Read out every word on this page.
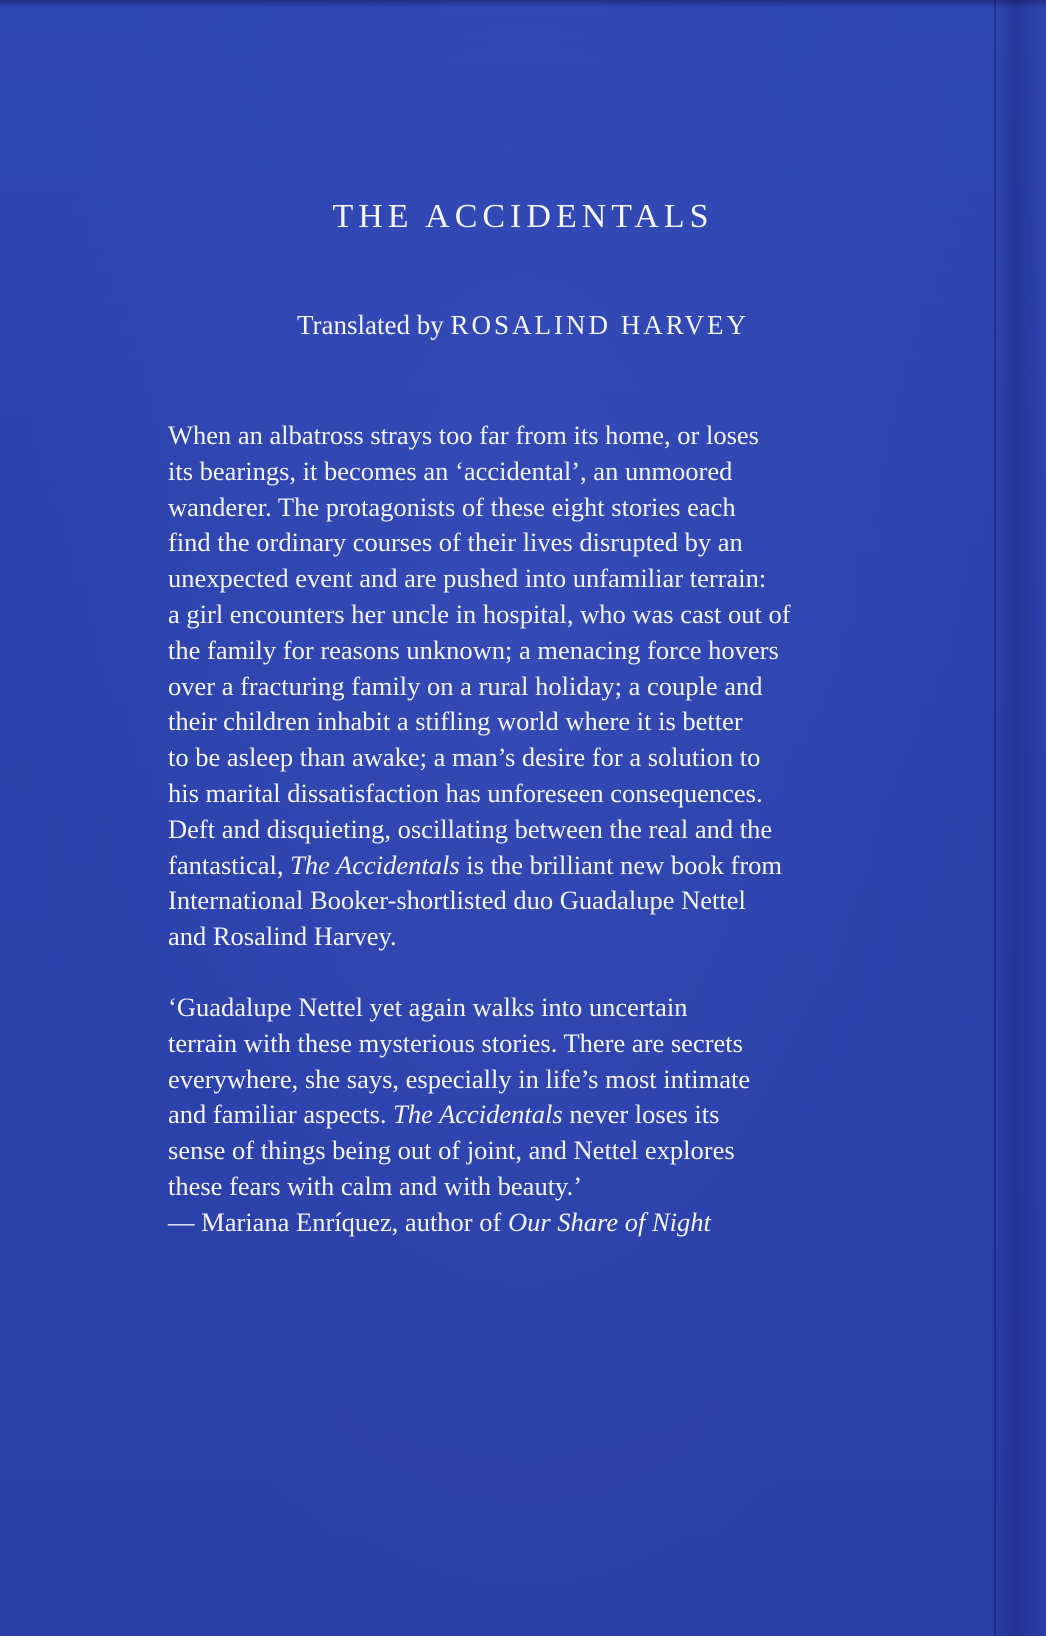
THE ACCIDENTALS

Translated by ROSALIND HARVEY

When an albatross strays too far from its home, or loses
its bearings, it becomes an ‘accidental’, an unmoored
wanderer. The protagonists of these eight stories each
find the ordinary courses of their lives disrupted by an
unexpected event and are pushed into unfamiliar terrain:
a girl encounters her uncle in hospital, who was cast out of
the family for reasons unknown; a menacing force hovers
over a fracturing family on a rural holiday; a couple and
their children inhabit a stifling world where it is better
to be asleep than awake; a man’s desire for a solution to
his marital dissatisfaction has unforeseen consequences.
Deft and disquieting, oscillating between the real and the
fantastical, The Accidentals is the brilliant new book from
International Booker-shortlisted duo Guadalupe Nettel
and Rosalind Harvey.

‘Guadalupe Nettel yet again walks into uncertain
terrain with these mysterious stories. There are secrets
everywhere, she says, especially in life’s most intimate
and familiar aspects. The Accidentals never loses its
sense of things being out of joint, and Nettel explores
these fears with calm and with beauty.’
— Mariana Enríquez, author of Our Share of Night
